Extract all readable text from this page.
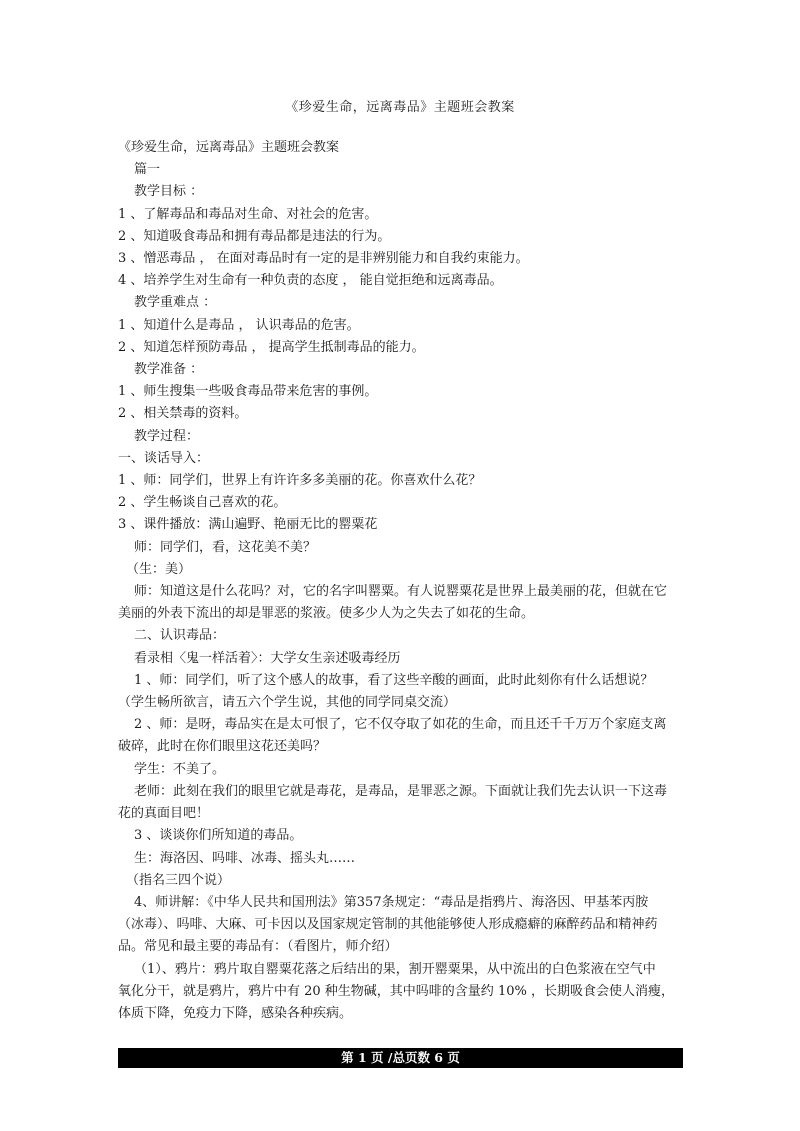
《珍爱生命，远离毒品》主题班会教案
《珍爱生命，远离毒品》主题班会教案
篇一
教学目标 ：
1 、了解毒品和毒品对生命、对社会的危害。
2 、知道吸食毒品和拥有毒品都是违法的行为。
3 、憎恶毒品 ， 在面对毒品时有一定的是非辨别能力和自我约束能力。
4 、培养学生对生命有一种负责的态度 ， 能自觉拒绝和远离毒品。
教学重难点 ：
1 、知道什么是毒品 ， 认识毒品的危害。
2 、知道怎样预防毒品 ， 提高学生抵制毒品的能力。
教学准备 ：
1 、师生搜集一些吸食毒品带来危害的事例。
2 、相关禁毒的资料。
教学过程：
一、谈话导入：
1 、师：同学们，世界上有许许多多美丽的花。你喜欢什么花？
2 、学生畅谈自己喜欢的花。
3 、课件播放：满山遍野、艳丽无比的罂粟花
师：同学们，看，这花美不美？
（生：美）
师：知道这是什么花吗？对，它的名字叫罂粟。有人说罂粟花是世界上最美丽的花，但就在它
美丽的外表下流出的却是罪恶的浆液。使多少人为之失去了如花的生命。
二、认识毒品：
看录相〈鬼一样活着〉：大学女生亲述吸毒经历
1 、师：同学们，听了这个感人的故事，看了这些辛酸的画面，此时此刻你有什么话想说？
（学生畅所欲言，请五六个学生说，其他的同学同桌交流）
2 、师：是呀，毒品实在是太可恨了，它不仅夺取了如花的生命，而且还千千万万个家庭支离
破碎，此时在你们眼里这花还美吗？
学生：不美了。
老师：此刻在我们的眼里它就是毒花，是毒品，是罪恶之源。下面就让我们先去认识一下这毒
花的真面目吧！
3 、谈谈你们所知道的毒品。
生：海洛因、吗啡、冰毒、摇头丸……
（指名三四个说）
4、师讲解：《中华人民共和国刑法》第357条规定：“毒品是指鸦片、海洛因、甲基苯丙胺
（冰毒）、吗啡、大麻、可卡因以及国家规定管制的其他能够使人形成瘾癖的麻醉药品和精神药
品。常见和最主要的毒品有：（看图片，师介绍）
（1）、鸦片：鸦片取自罂粟花落之后结出的果，割开罂粟果，从中流出的白色浆液在空气中
氧化分干，就是鸦片，鸦片中有 20 种生物碱，其中吗啡的含量约 10% ，长期吸食会使人消瘦，
体质下降，免疫力下降，感染各种疾病。
第 1 页 /总页数 6 页
